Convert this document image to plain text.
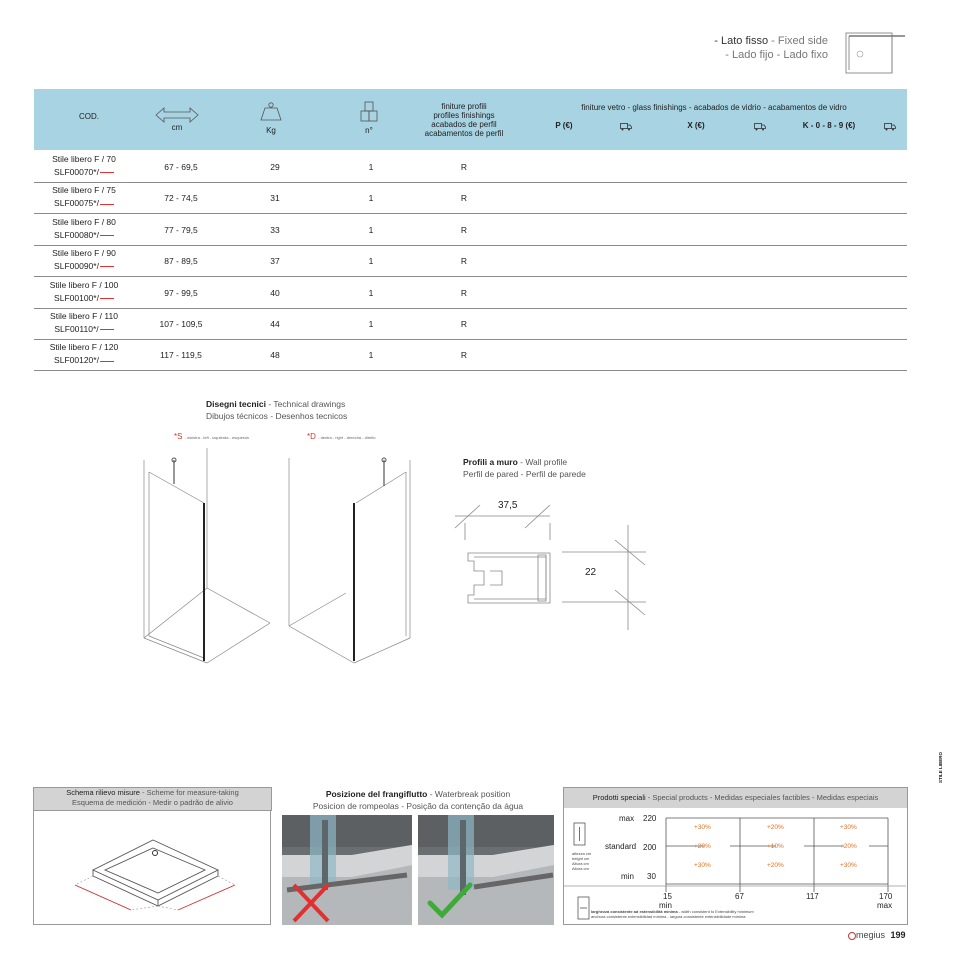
- Lato fisso - Fixed side
- Lado fijo - Lado fixo
COD.
cm	Kg	n°
finiture profili
profiles finishings
acabados de perfil
acabamentos de perfil
finiture vetro - glass finishings - acabados de vidrio - acabamentos de vidro
P (€)	X (€)	K - 0 - 8 - 9 (€)
Stile libero F / 70
SLF00070*/	67 - 69,5	29	1	R
Stile libero F / 75
SLF00075*/	72 - 74,5	31	1	R
Stile libero F / 80
SLF00080*/	77 - 79,5	33	1	R
Stile libero F / 90
SLF00090*/	87 - 89,5	37	1	R
Stile libero F / 100
SLF00100*/	97 - 99,5	40	1	R
Stile libero F / 110
SLF00110*/	107 - 109,5	44	1	R
Stile libero F / 120
SLF00120*/	117 - 119,5	48	1	R
Disegni tecnici - Technical drawings
Dibujos técnicos - Desenhos tecnicos
*S - sinistra - left - izquierda - esquerda	*D - destra - right - derecha - direito
Profili a muro - Wall profile
Perfil de pared - Perfil de parede
37,5
22
Schema rilievo misure - Scheme for measure-taking
Esquema de medición - Medir o padrão de alivio
Posizione del frangiflutto - Waterbreak position
Posicion de rompeolas - Posição da contenção da água
Prodotti speciali - Special products - Medidas especiales factibles - Medidas especiais
max 220
standard 200
min 30
altezza cm
height cm
Altura cm
Altura cm
+30%	+20%	+30%
+20%	+10%	+20%
+30%	+20%	+30%
15
min
67	117	170
max
larghezza consistente ad estensibilità minima - width consistent to Extensibility minimum
anchura consistente extensibilidad mínima - largura consistente extensibilidade mínima
STILE LIBERO
megius 199
